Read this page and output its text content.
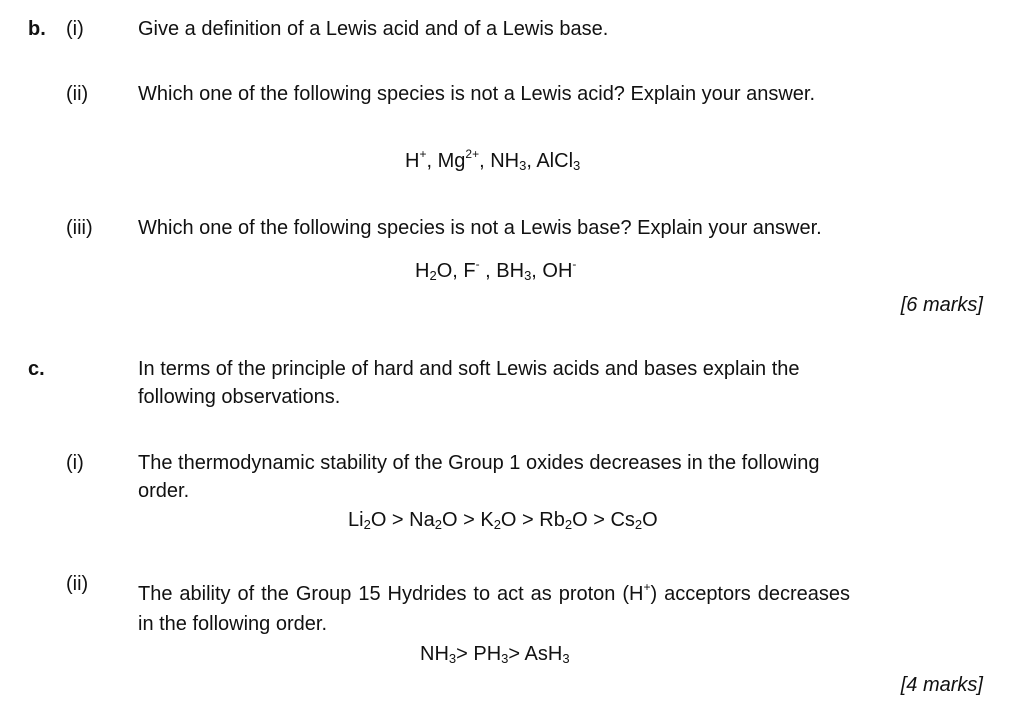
b. (i)	Give a definition of a Lewis acid and of a Lewis base.
(ii) Which one of the following species is not a Lewis acid? Explain your answer.
H+, $Mg^{2+}$, $NH_3$, AlCl$_3$
(iii) Which one of the following species is not a Lewis base? Explain your answer.
$H_2O$, F- , $BH_3$, OH-
[6 marks]
c.	In terms of the principle of hard and soft Lewis acids and bases explain the following observations.
(i)	The thermodynamic stability of the Group 1 oxides decreases in the following order.
$Li_2O > Na_2O > K_2O > Rb_2O > Cs_2O$
(ii) The ability of the Group 15 Hydrides to act as proton (H+) acceptors decreases in the following order.
$NH_3> PH_3> AsH_3$
[4 marks]
